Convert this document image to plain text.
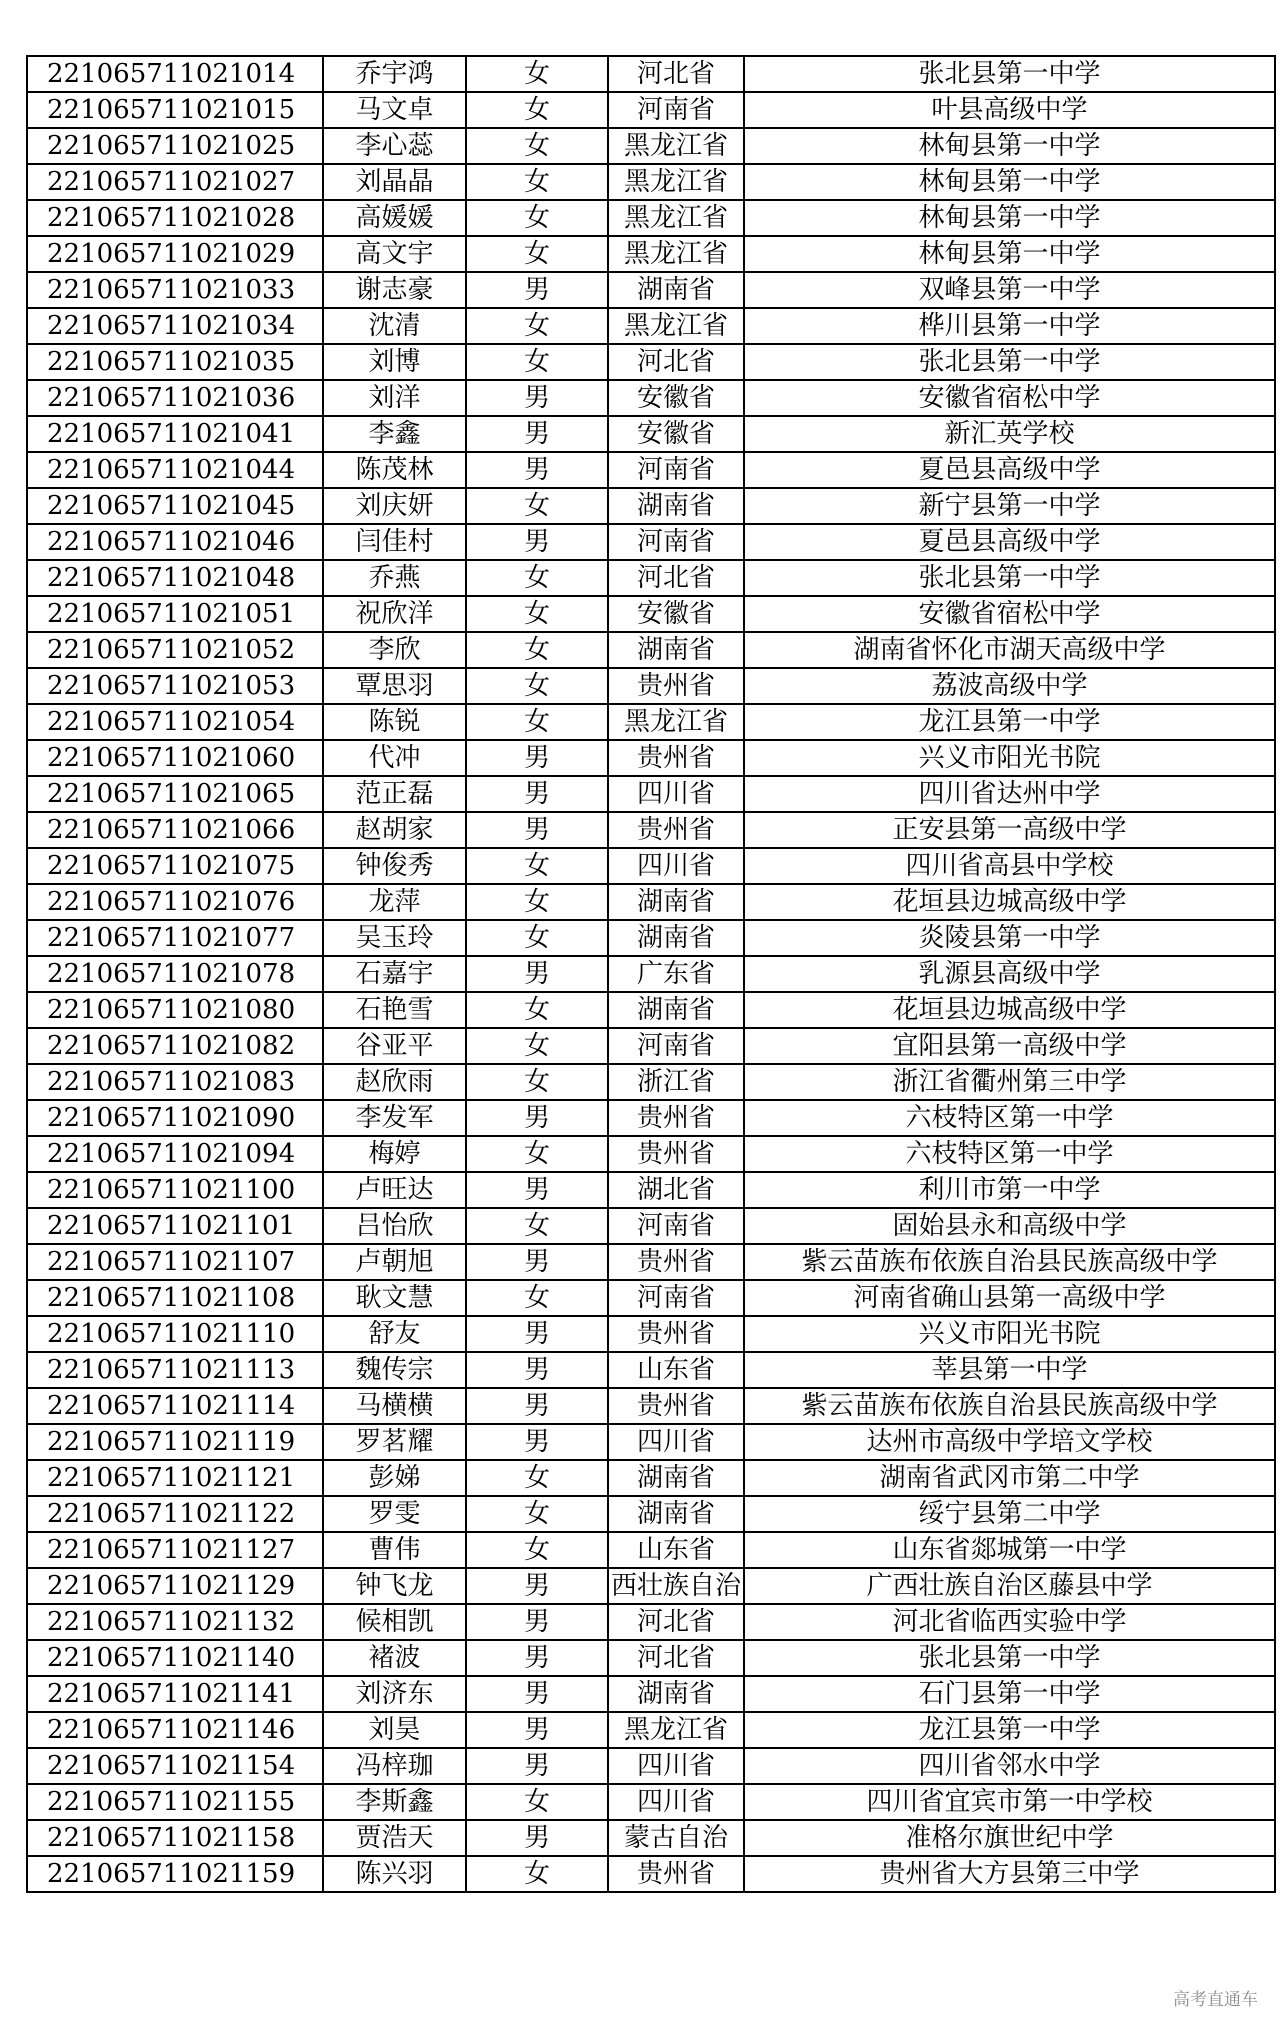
221065711021014	乔宇鸿	女	河北省	张北县第一中学
221065711021015	马文卓	女	河南省	叶县高级中学
221065711021025	李心蕊	女	黑龙江省	林甸县第一中学
221065711021027	刘晶晶	女	黑龙江省	林甸县第一中学
221065711021028	高媛媛	女	黑龙江省	林甸县第一中学
221065711021029	高文宇	女	黑龙江省	林甸县第一中学
221065711021033	谢志豪	男	湖南省	双峰县第一中学
221065711021034	沈清	女	黑龙江省	桦川县第一中学
221065711021035	刘博	女	河北省	张北县第一中学
221065711021036	刘洋	男	安徽省	安徽省宿松中学
221065711021041	李鑫	男	安徽省	新汇英学校
221065711021044	陈茂林	男	河南省	夏邑县高级中学
221065711021045	刘庆妍	女	湖南省	新宁县第一中学
221065711021046	闫佳村	男	河南省	夏邑县高级中学
221065711021048	乔燕	女	河北省	张北县第一中学
221065711021051	祝欣洋	女	安徽省	安徽省宿松中学
221065711021052	李欣	女	湖南省	湖南省怀化市湖天高级中学
221065711021053	覃思羽	女	贵州省	荔波高级中学
221065711021054	陈锐	女	黑龙江省	龙江县第一中学
221065711021060	代冲	男	贵州省	兴义市阳光书院
221065711021065	范正磊	男	四川省	四川省达州中学
221065711021066	赵胡家	男	贵州省	正安县第一高级中学
221065711021075	钟俊秀	女	四川省	四川省高县中学校
221065711021076	龙萍	女	湖南省	花垣县边城高级中学
221065711021077	吴玉玲	女	湖南省	炎陵县第一中学
221065711021078	石嘉宇	男	广东省	乳源县高级中学
221065711021080	石艳雪	女	湖南省	花垣县边城高级中学
221065711021082	谷亚平	女	河南省	宜阳县第一高级中学
221065711021083	赵欣雨	女	浙江省	浙江省衢州第三中学
221065711021090	李发军	男	贵州省	六枝特区第一中学
221065711021094	梅婷	女	贵州省	六枝特区第一中学
221065711021100	卢旺达	男	湖北省	利川市第一中学
221065711021101	吕怡欣	女	河南省	固始县永和高级中学
221065711021107	卢朝旭	男	贵州省	紫云苗族布依族自治县民族高级中学
221065711021108	耿文慧	女	河南省	河南省确山县第一高级中学
221065711021110	舒友	男	贵州省	兴义市阳光书院
221065711021113	魏传宗	男	山东省	莘县第一中学
221065711021114	马横横	男	贵州省	紫云苗族布依族自治县民族高级中学
221065711021119	罗茗耀	男	四川省	达州市高级中学培文学校
221065711021121	彭娣	女	湖南省	湖南省武冈市第二中学
221065711021122	罗雯	女	湖南省	绥宁县第二中学
221065711021127	曹伟	女	山东省	山东省郯城第一中学
221065711021129	钟飞龙	男	西壮族自治	广西壮族自治区藤县中学
221065711021132	候相凯	男	河北省	河北省临西实验中学
221065711021140	褚波	男	河北省	张北县第一中学
221065711021141	刘济东	男	湖南省	石门县第一中学
221065711021146	刘昊	男	黑龙江省	龙江县第一中学
221065711021154	冯梓珈	男	四川省	四川省邻水中学
221065711021155	李斯鑫	女	四川省	四川省宜宾市第一中学校
221065711021158	贾浩天	男	蒙古自治	准格尔旗世纪中学
221065711021159	陈兴羽	女	贵州省	贵州省大方县第三中学
高考直通车
